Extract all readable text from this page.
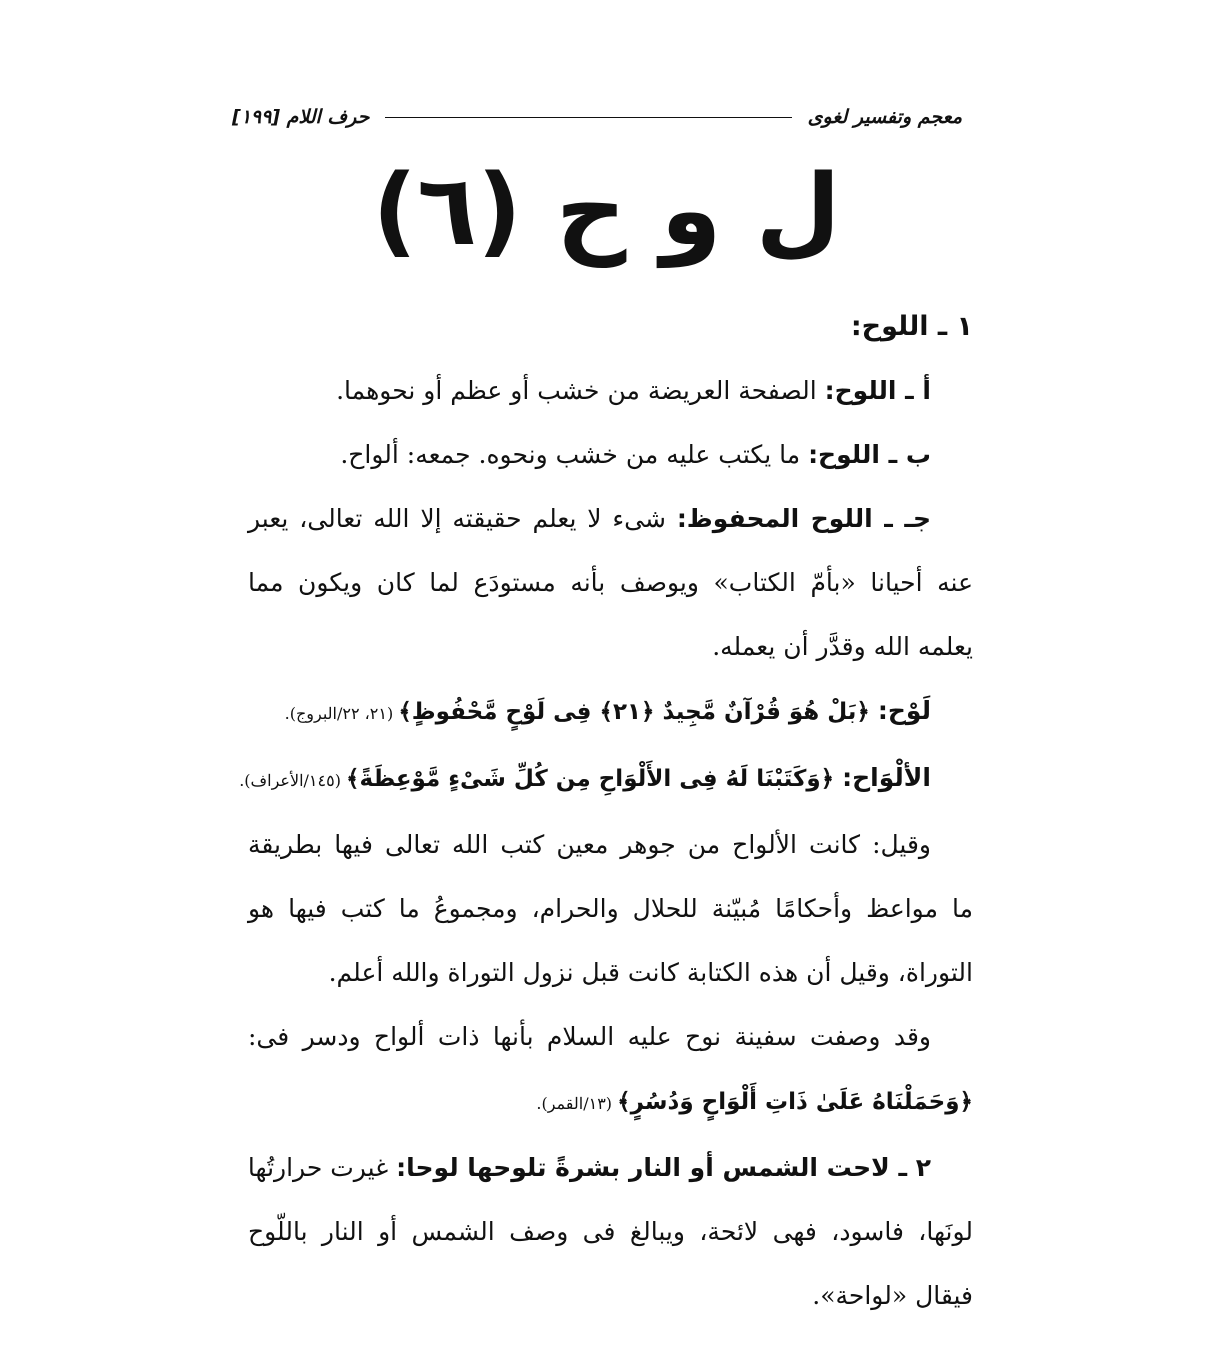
معجم وتفسير لغوى
حرف اللام [١٩٩]
ل و ح (٦)
١ ـ اللوح:
أ ـ اللوح: الصفحة العريضة من خشب أو عظم أو نحوهما.
ب ـ اللوح: ما يكتب عليه من خشب ونحوه. جمعه: ألواح.
جـ ـ اللوح المحفوظ: شىء لا يعلم حقيقته إلا الله تعالى، يعبر
عنه أحيانا «بأمّ الكتاب» ويوصف بأنه مستودَع لما كان ويكون مما
يعلمه الله وقدَّر أن يعمله.
لَوْح: ﴿بَلْ هُوَ قُرْآنٌ مَّجِيدٌ ﴿٢١﴾ فِى لَوْحٍ مَّحْفُوظٍ﴾ (٢١، ٢٢/البروج).
الألْوَاح: ﴿وَكَتَبْنَا لَهُ فِى الأَلْوَاحِ مِن كُلِّ شَىْءٍ مَّوْعِظَةً﴾ (١٤٥/الأعراف).
وقيل: كانت الألواح من جوهر معين كتب الله تعالى فيها بطريقة
ما مواعظ وأحكامًا مُبيّنة للحلال والحرام، ومجموعُ ما كتب فيها هو
التوراة، وقيل أن هذه الكتابة كانت قبل نزول التوراة والله أعلم.
وقد وصفت سفينة نوح عليه السلام بأنها ذات ألواح ودسر فى:
﴿وَحَمَلْنَاهُ عَلَىٰ ذَاتِ أَلْوَاحٍ وَدُسُرٍ﴾ (١٣/القمر).
٢ ـ لاحت الشمس أو النار بشرةً تلوحها لوحا: غيرت حرارتُها
لونَها، فاسود، فهى لائحة، ويبالغ فى وصف الشمس أو النار باللّوح
فيقال «لواحة».
